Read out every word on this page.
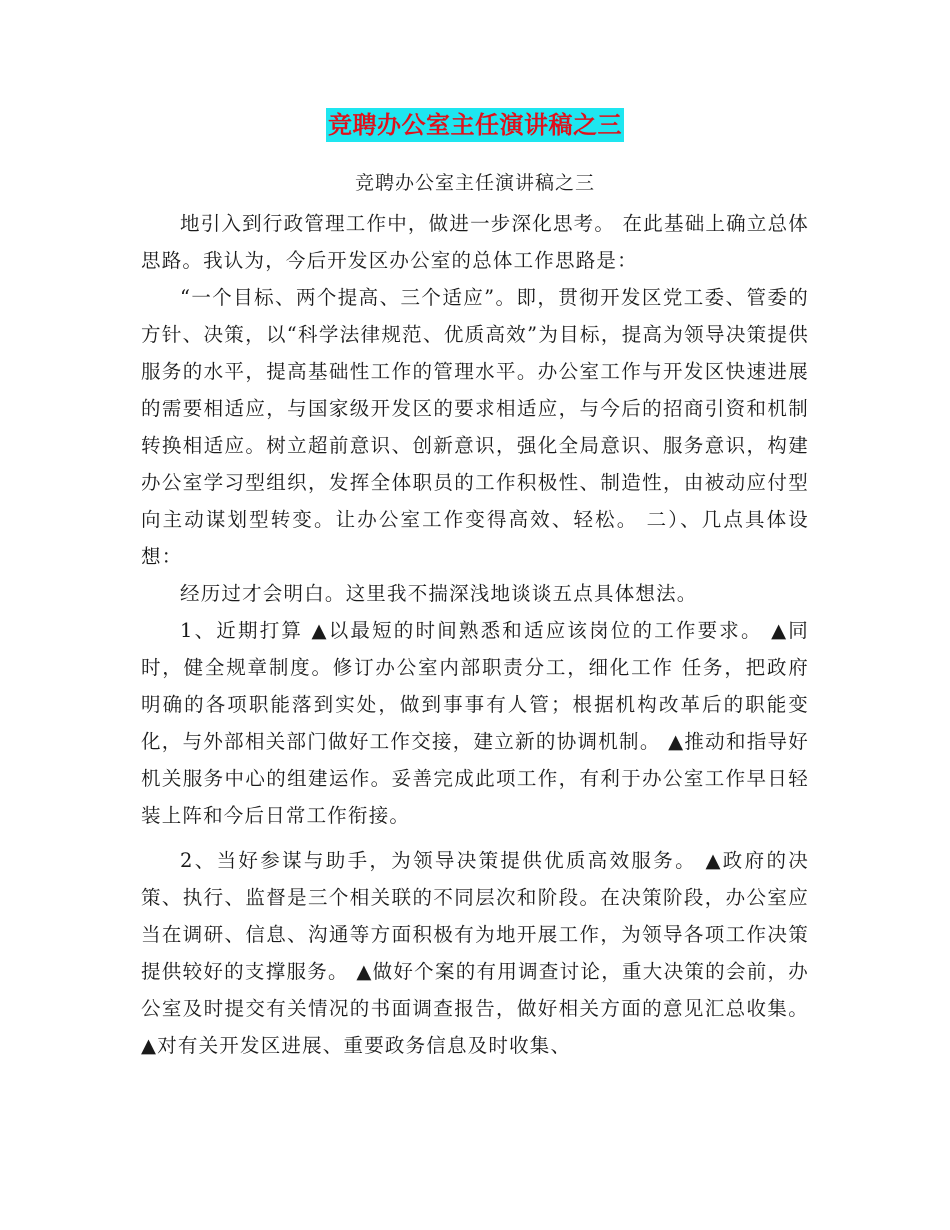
竞聘办公室主任演讲稿之三
竞聘办公室主任演讲稿之三

地引入到行政管理工作中，做进一步深化思考。 在此基础上确立总体思路。我认为，今后开发区办公室的总体工作思路是：

“一个目标、两个提高、三个适应”。即，贯彻开发区党工委、管委的方针、决策，以“科学法律规范、优质高效”为目标，提高为领导决策提供服务的水平，提高基础性工作的管理水平。办公室工作与开发区快速进展的需要相适应，与国家级开发区的要求相适应，与今后的招商引资和机制转换相适应。树立超前意识、创新意识，强化全局意识、服务意识，构建办公室学习型组织，发挥全体职员的工作积极性、制造性，由被动应付型向主动谋划型转变。让办公室工作变得高效、轻松。 二）、几点具体设想：

经历过才会明白。这里我不揣深浅地谈谈五点具体想法。

1、近期打算 ▲以最短的时间熟悉和适应该岗位的工作要求。 ▲同时，健全规章制度。修订办公室内部职责分工，细化工作 任务，把政府明确的各项职能落到实处，做到事事有人管；根据机构改革后的职能变化，与外部相关部门做好工作交接，建立新的协调机制。 ▲推动和指导好机关服务中心的组建运作。妥善完成此项工作，有利于办公室工作早日轻装上阵和今后日常工作衔接。

2、当好参谋与助手，为领导决策提供优质高效服务。 ▲政府的决策、执行、监督是三个相关联的不同层次和阶段。在决策阶段，办公室应当在调研、信息、沟通等方面积极有为地开展工作，为领导各项工作决策提供较好的支撑服务。 ▲做好个案的有用调查讨论，重大决策的会前，办公室及时提交有关情况的书面调查报告，做好相关方面的意见汇总收集。 ▲对有关开发区进展、重要政务信息及时收集、
